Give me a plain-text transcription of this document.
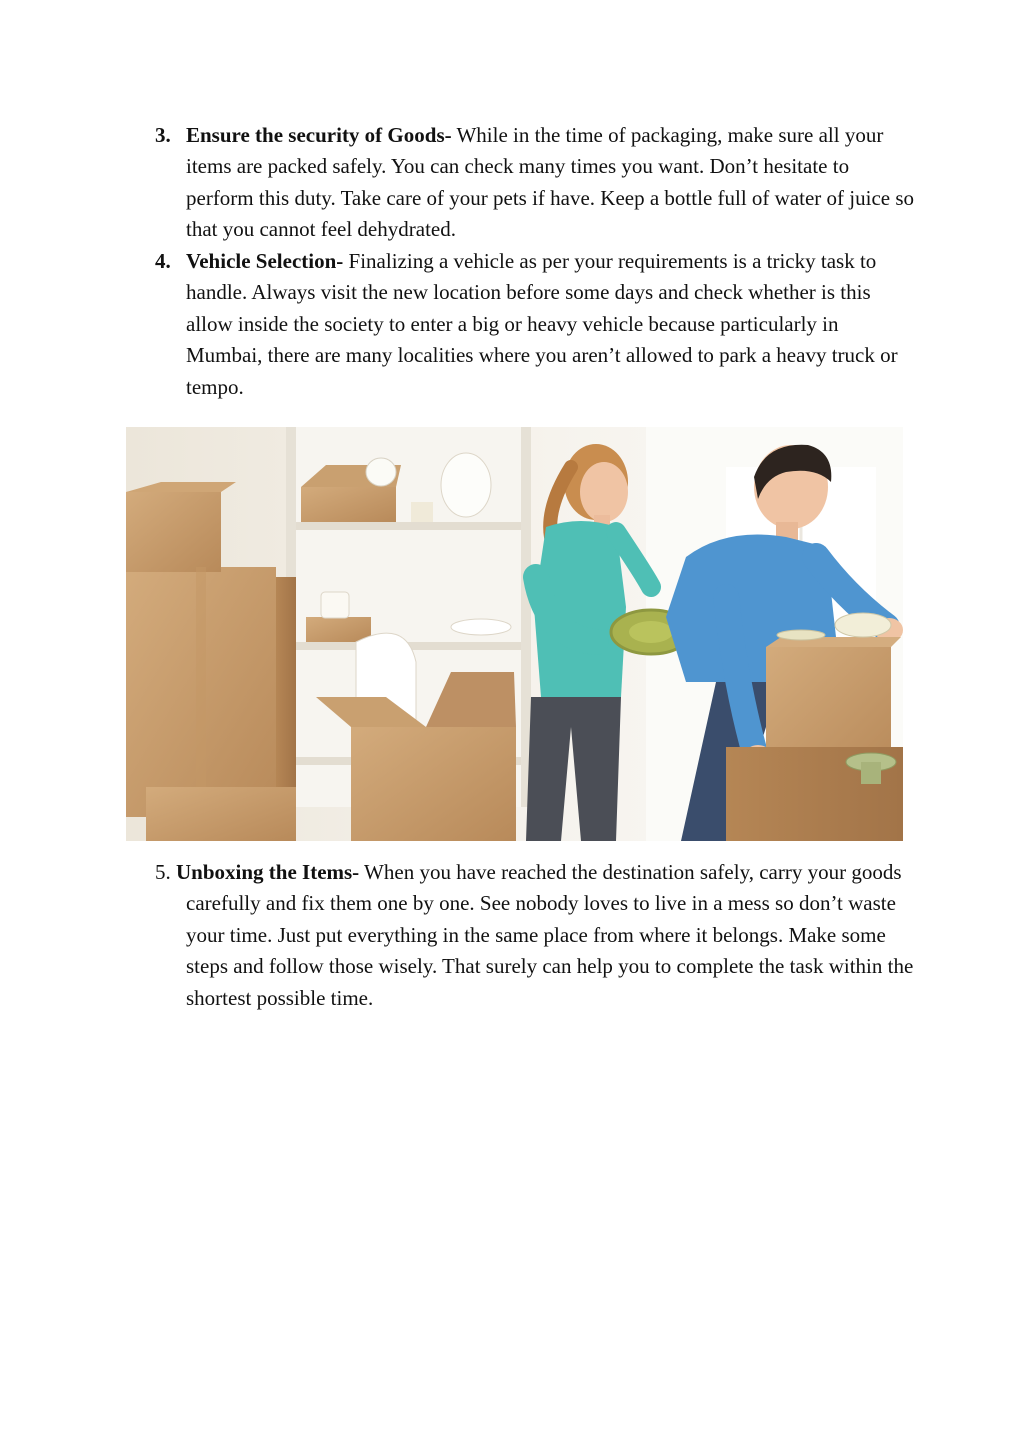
3. Ensure the security of Goods- While in the time of packaging, make sure all your items are packed safely. You can check many times you want. Don’t hesitate to perform this duty. Take care of your pets if have. Keep a bottle full of water of juice so that you cannot feel dehydrated.
4. Vehicle Selection- Finalizing a vehicle as per your requirements is a tricky task to handle. Always visit the new location before some days and check whether is this allow inside the society to enter a big or heavy vehicle because particularly in Mumbai, there are many localities where you aren’t allowed to park a heavy truck or tempo.
5. Unboxing the Items- When you have reached the destination safely, carry your goods carefully and fix them one by one. See nobody loves to live in a mess so don’t waste your time. Just put everything in the same place from where it belongs. Make some steps and follow those wisely. That surely can help you to complete the task within the shortest possible time.
